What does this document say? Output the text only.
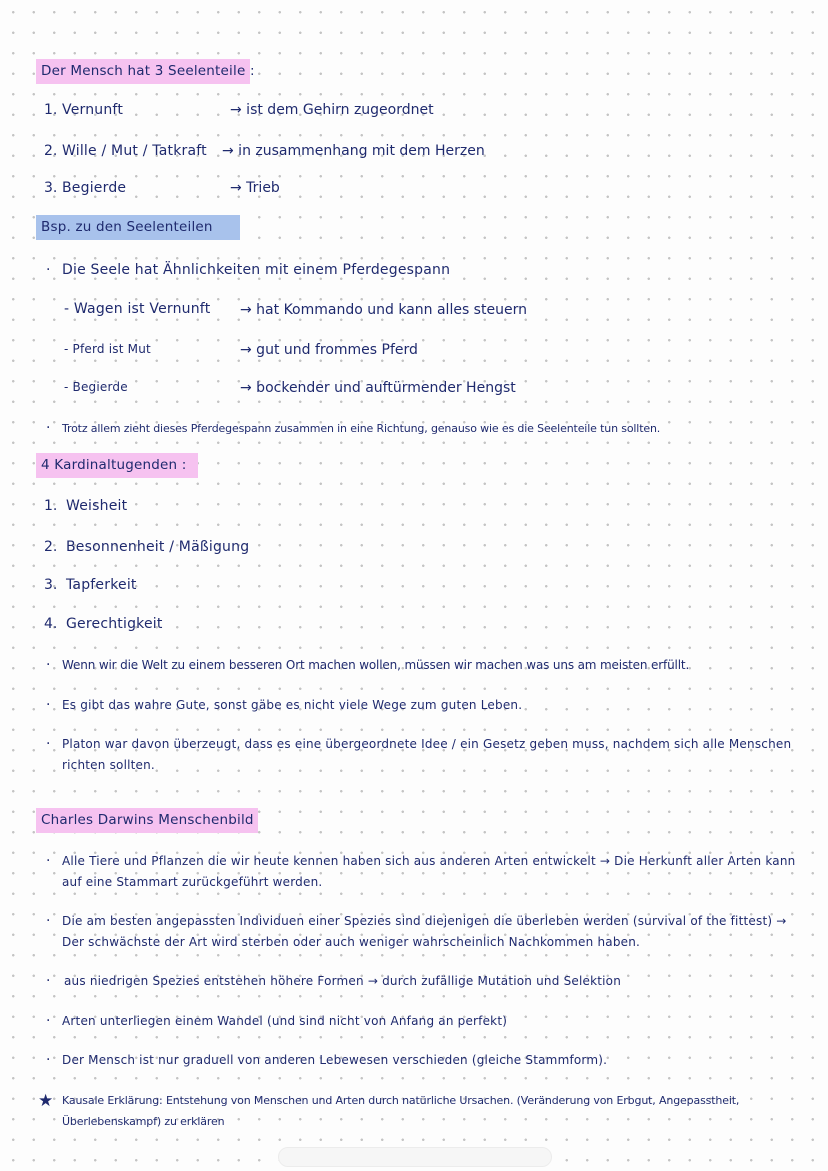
Der Mensch hat 3 Seelenteile :
1. Vernunft	→ ist dem Gehirn zugeordnet
2. Wille / Mut / Tatkraft → in zusammenhang mit dem Herzen
3. Begierde	→ Trieb
Bsp. zu den Seelenteilen
· Die Seele hat Ähnlichkeiten mit einem Pferdegespann
- Wagen ist Vernunft → hat Kommando und kann alles steuern
- Pferd ist Mut	→ gut und frommes Pferd
- Begierde	→ bockender und auftürmender Hengst
· Trotz allem zieht dieses Pferdegespann zusammen in eine Richtung, genauso wie es die Seelenteile tun sollten.
4 Kardinaltugenden :
1. Weisheit
2. Besonnenheit / Mäßigung
3. Tapferkeit
4. Gerechtigkeit
· Wenn wir die Welt zu einem besseren Ort machen wollen, müssen wir machen was uns am meisten erfüllt.
· Es gibt das wahre Gute, sonst gäbe es nicht viele Wege zum guten Leben.
· Platon war davon überzeugt, dass es eine übergeordnete Idee / ein Gesetz geben muss, nachdem sich alle Menschen richten sollten.
Charles Darwins Menschenbild
· Alle Tiere und Pflanzen die wir heute kennen haben sich aus anderen Arten entwickelt → Die Herkunft aller Arten kann auf eine Stammart zurückgeführt werden.
· Die am besten angepassten Individuen einer Spezies sind diejenigen die überleben werden (survival of the fittest) → Der schwächste der Art wird sterben oder auch weniger wahrscheinlich Nachkommen haben.
· aus niedrigen Spezies entstehen höhere Formen → durch zufällige Mutation und Selektion
· Arten unterliegen einem Wandel (und sind nicht von Anfang an perfekt)
· Der Mensch ist nur graduell von anderen Lebewesen verschieden (gleiche Stammform).
★ Kausale Erklärung: Entstehung von Menschen und Arten durch natürliche Ursachen. (Veränderung von Erbgut, Angepasstheit, Überlebenskampf) zu erklären
